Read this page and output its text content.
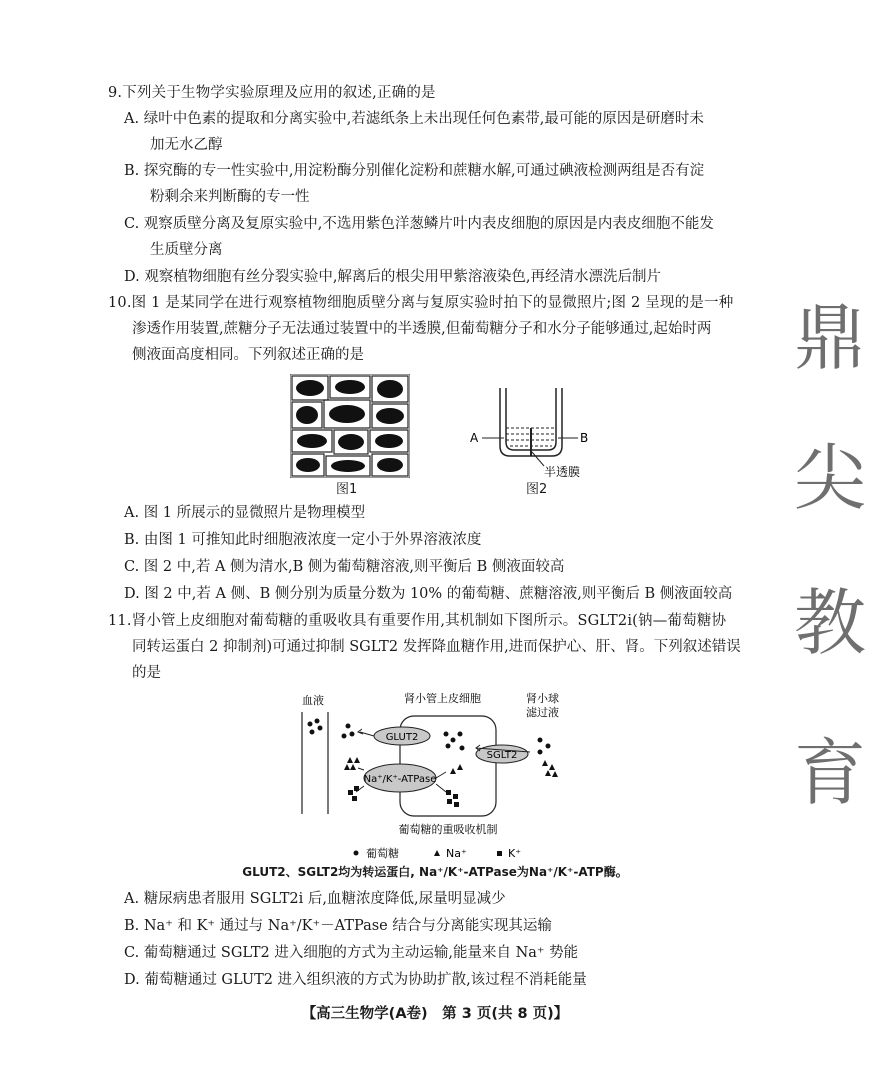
9.下列关于生物学实验原理及应用的叙述,正确的是
A. 绿叶中色素的提取和分离实验中,若滤纸条上未出现任何色素带,最可能的原因是研磨时未
加无水乙醇
B. 探究酶的专一性实验中,用淀粉酶分别催化淀粉和蔗糖水解,可通过碘液检测两组是否有淀
粉剩余来判断酶的专一性
C. 观察质壁分离及复原实验中,不选用紫色洋葱鳞片叶内表皮细胞的原因是内表皮细胞不能发
生质壁分离
D. 观察植物细胞有丝分裂实验中,解离后的根尖用甲紫溶液染色,再经清水漂洗后制片
10.图 1 是某同学在进行观察植物细胞质壁分离与复原实验时拍下的显微照片;图 2 呈现的是一种
渗透作用装置,蔗糖分子无法通过装置中的半透膜,但葡萄糖分子和水分子能够通过,起始时两
侧液面高度相同。下列叙述正确的是
图1
A	B
半透膜
图2
A. 图 1 所展示的显微照片是物理模型
B. 由图 1 可推知此时细胞液浓度一定小于外界溶液浓度
C. 图 2 中,若 A 侧为清水,B 侧为葡萄糖溶液,则平衡后 B 侧液面较高
D. 图 2 中,若 A 侧、B 侧分别为质量分数为 10% 的葡萄糖、蔗糖溶液,则平衡后 B 侧液面较高
11.肾小管上皮细胞对葡萄糖的重吸收具有重要作用,其机制如下图所示。SGLT2i(钠—葡萄糖协
同转运蛋白 2 抑制剂)可通过抑制 SGLT2 发挥降血糖作用,进而保护心、肝、肾。下列叙述错误
的是
血液	肾小管上皮细胞	肾小球
滤过液
GLUT2
SGLT2
Na⁺/K⁺-ATPase
葡萄糖的重吸收机制
葡萄糖	Na⁺	K⁺
GLUT2、SGLT2均为转运蛋白, Na⁺/K⁺-ATPase为Na⁺/K⁺-ATP酶。
A. 糖尿病患者服用 SGLT2i 后,血糖浓度降低,尿量明显减少
B. Na⁺ 和 K⁺ 通过与 Na⁺/K⁺－ATPase 结合与分离能实现其运输
C. 葡萄糖通过 SGLT2 进入细胞的方式为主动运输,能量来自 Na⁺ 势能
D. 葡萄糖通过 GLUT2 进入组织液的方式为协助扩散,该过程不消耗能量
鼎
尖
教
育
【高三生物学(A卷)　第 3 页(共 8 页)】
